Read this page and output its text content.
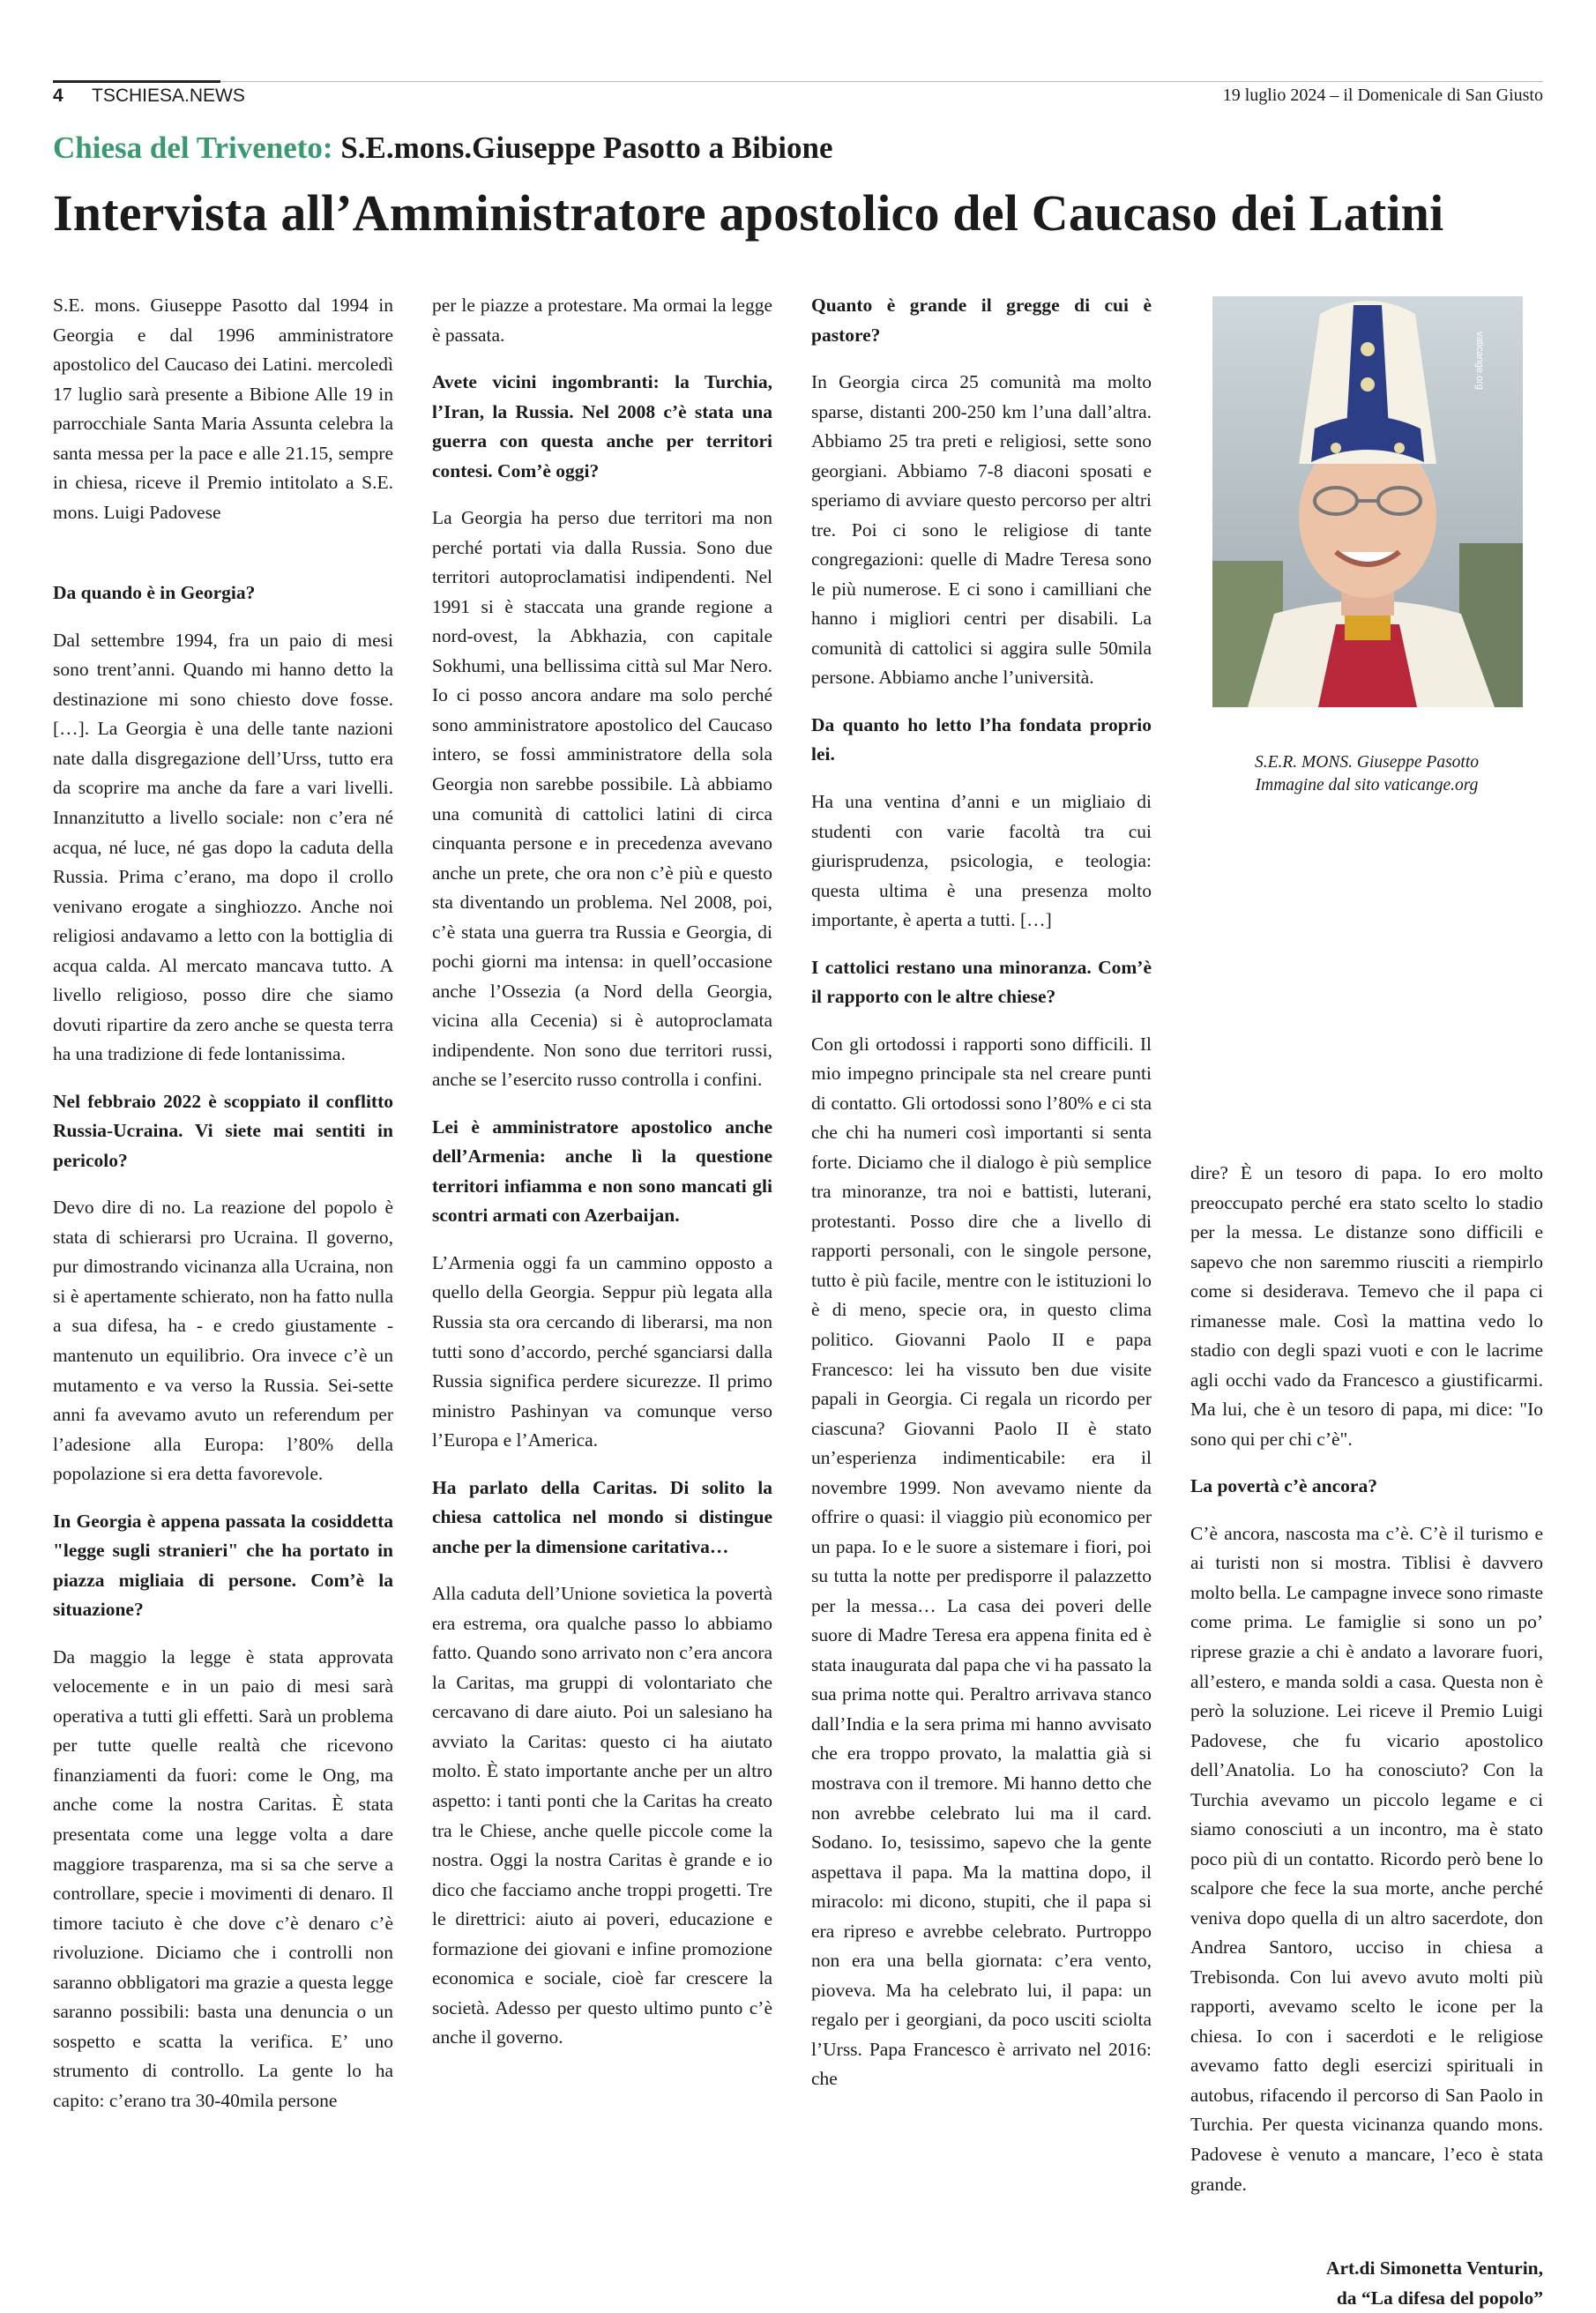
4 TSCHIESA.NEWS	19 luglio 2024 – il Domenicale di San Giusto
Chiesa del Triveneto: S.E.mons.Giuseppe Pasotto a Bibione
Intervista all’Amministratore apostolico del Caucaso dei Latini

S.E. mons. Giuseppe Pasotto dal 1994 in Georgia e dal 1996 amministratore apostolico del Caucaso dei Latini. mercoledì 17 luglio sarà presente a Bibione Alle 19 in parrocchiale Santa Maria Assunta celebra la santa messa per la pace e alle 21.15, sempre in chiesa, riceve il Premio intitolato a S.E. mons. Luigi Padovese

Da quando è in Georgia?

Dal settembre 1994, fra un paio di mesi sono trent’anni. Quando mi hanno detto la destinazione mi sono chiesto dove fosse. […]. La Georgia è una delle tante nazioni nate dalla disgregazione dell’Urss, tutto era da scoprire ma anche da fare a vari livelli. Innanzitutto a livello sociale: non c’era né acqua, né luce, né gas dopo la caduta della Russia. Prima c’erano, ma dopo il crollo venivano erogate a singhiozzo. Anche noi religiosi andavamo a letto con la bottiglia di acqua calda. Al mercato mancava tutto. A livello religioso, posso dire che siamo dovuti ripartire da zero anche se questa terra ha una tradizione di fede lontanissima.

Nel febbraio 2022 è scoppiato il conflitto Russia-Ucraina. Vi siete mai sentiti in pericolo?

Devo dire di no. La reazione del popolo è stata di schierarsi pro Ucraina. Il governo, pur dimostrando vicinanza alla Ucraina, non si è apertamente schierato, non ha fatto nulla a sua difesa, ha - e credo giustamente - mantenuto un equilibrio. Ora invece c’è un mutamento e va verso la Russia. Sei-sette anni fa avevamo avuto un referendum per l’adesione alla Europa: l’80% della popolazione si era detta favorevole.

In Georgia è appena passata la cosiddetta "legge sugli stranieri" che ha portato in piazza migliaia di persone. Com’è la situazione?

Da maggio la legge è stata approvata velocemente e in un paio di mesi sarà operativa a tutti gli effetti. Sarà un problema per tutte quelle realtà che ricevono finanziamenti da fuori: come le Ong, ma anche come la nostra Caritas. È stata presentata come una legge volta a dare maggiore trasparenza, ma si sa che serve a controllare, specie i movimenti di denaro. Il timore taciuto è che dove c’è denaro c’è rivoluzione. Diciamo che i controlli non saranno obbligatori ma grazie a questa legge saranno possibili: basta una denuncia o un sospetto e scatta la verifica. E’ uno strumento di controllo. La gente lo ha capito: c’erano tra 30-40mila persone

per le piazze a protestare. Ma ormai la legge è passata.

Avete vicini ingombranti: la Turchia, l’Iran, la Russia. Nel 2008 c’è stata una guerra con questa anche per territori contesi. Com’è oggi?

La Georgia ha perso due territori ma non perché portati via dalla Russia. Sono due territori autoproclamatisi indipendenti. Nel 1991 si è staccata una grande regione a nord-ovest, la Abkhazia, con capitale Sokhumi, una bellissima città sul Mar Nero. Io ci posso ancora andare ma solo perché sono amministratore apostolico del Caucaso intero, se fossi amministratore della sola Georgia non sarebbe possibile. Là abbiamo una comunità di cattolici latini di circa cinquanta persone e in precedenza avevano anche un prete, che ora non c’è più e questo sta diventando un problema. Nel 2008, poi, c’è stata una guerra tra Russia e Georgia, di pochi giorni ma intensa: in quell’occasione anche l’Ossezia (a Nord della Georgia, vicina alla Cecenia) si è autoproclamata indipendente. Non sono due territori russi, anche se l’esercito russo controlla i confini.

Lei è amministratore apostolico anche dell’Armenia: anche lì la questione territori infiamma e non sono mancati gli scontri armati con Azerbaijan.

L’Armenia oggi fa un cammino opposto a quello della Georgia. Seppur più legata alla Russia sta ora cercando di liberarsi, ma non tutti sono d’accordo, perché sganciarsi dalla Russia significa perdere sicurezze. Il primo ministro Pashinyan va comunque verso l’Europa e l’America.

Ha parlato della Caritas. Di solito la chiesa cattolica nel mondo si distingue anche per la dimensione caritativa…

Alla caduta dell’Unione sovietica la povertà era estrema, ora qualche passo lo abbiamo fatto. Quando sono arrivato non c’era ancora la Caritas, ma gruppi di volontariato che cercavano di dare aiuto. Poi un salesiano ha avviato la Caritas: questo ci ha aiutato molto. È stato importante anche per un altro aspetto: i tanti ponti che la Caritas ha creato tra le Chiese, anche quelle piccole come la nostra. Oggi la nostra Caritas è grande e io dico che facciamo anche troppi progetti. Tre le direttrici: aiuto ai poveri, educazione e formazione dei giovani e infine promozione economica e sociale, cioè far crescere la società. Adesso per questo ultimo punto c’è anche il governo.

Quanto è grande il gregge di cui è pastore?

In Georgia circa 25 comunità ma molto sparse, distanti 200-250 km l’una dall’altra. Abbiamo 25 tra preti e religiosi, sette sono georgiani. Abbiamo 7-8 diaconi sposati e speriamo di avviare questo percorso per altri tre. Poi ci sono le religiose di tante congregazioni: quelle di Madre Teresa sono le più numerose. E ci sono i camilliani che hanno i migliori centri per disabili. La comunità di cattolici si aggira sulle 50mila persone. Abbiamo anche l’università.

Da quanto ho letto l’ha fondata proprio lei.

Ha una ventina d’anni e un migliaio di studenti con varie facoltà tra cui giurisprudenza, psicologia, e teologia: questa ultima è una presenza molto importante, è aperta a tutti. […]

I cattolici restano una minoranza. Com’è il rapporto con le altre chiese?

Con gli ortodossi i rapporti sono difficili. Il mio impegno principale sta nel creare punti di contatto. Gli ortodossi sono l’80% e ci sta che chi ha numeri così importanti si senta forte. Diciamo che il dialogo è più semplice tra minoranze, tra noi e battisti, luterani, protestanti. Posso dire che a livello di rapporti personali, con le singole persone, tutto è più facile, mentre con le istituzioni lo è di meno, specie ora, in questo clima politico. Giovanni Paolo II e papa Francesco: lei ha vissuto ben due visite papali in Georgia. Ci regala un ricordo per ciascuna? Giovanni Paolo II è stato un’esperienza indimenticabile: era il novembre 1999. Non avevamo niente da offrire o quasi: il viaggio più economico per un papa. Io e le suore a sistemare i fiori, poi su tutta la notte per predisporre il palazzetto per la messa… La casa dei poveri delle suore di Madre Teresa era appena finita ed è stata inaugurata dal papa che vi ha passato la sua prima notte qui. Peraltro arrivava stanco dall’India e la sera prima mi hanno avvisato che era troppo provato, la malattia già si mostrava con il tremore. Mi hanno detto che non avrebbe celebrato lui ma il card. Sodano. Io, tesissimo, sapevo che la gente aspettava il papa. Ma la mattina dopo, il miracolo: mi dicono, stupiti, che il papa si era ripreso e avrebbe celebrato. Purtroppo non era una bella giornata: c’era vento, pioveva. Ma ha celebrato lui, il papa: un regalo per i georgiani, da poco usciti sciolta l’Urss. Papa Francesco è arrivato nel 2016: che

vaticange.org
S.E.R. MONS. Giuseppe Pasotto
Immagine dal sito vaticange.org

dire? È un tesoro di papa. Io ero molto preoccupato perché era stato scelto lo stadio per la messa. Le distanze sono difficili e sapevo che non saremmo riusciti a riempirlo come si desiderava. Temevo che il papa ci rimanesse male. Così la mattina vedo lo stadio con degli spazi vuoti e con le lacrime agli occhi vado da Francesco a giustificarmi. Ma lui, che è un tesoro di papa, mi dice: "Io sono qui per chi c’è".

La povertà c’è ancora?

C’è ancora, nascosta ma c’è. C’è il turismo e ai turisti non si mostra. Tiblisi è davvero molto bella. Le campagne invece sono rimaste come prima. Le famiglie si sono un po’ riprese grazie a chi è andato a lavorare fuori, all’estero, e manda soldi a casa. Questa non è però la soluzione. Lei riceve il Premio Luigi Padovese, che fu vicario apostolico dell’Anatolia. Lo ha conosciuto? Con la Turchia avevamo un piccolo legame e ci siamo conosciuti a un incontro, ma è stato poco più di un contatto. Ricordo però bene lo scalpore che fece la sua morte, anche perché veniva dopo quella di un altro sacerdote, don Andrea Santoro, ucciso in chiesa a Trebisonda. Con lui avevo avuto molti più rapporti, avevamo scelto le icone per la chiesa. Io con i sacerdoti e le religiose avevamo fatto degli esercizi spirituali in autobus, rifacendo il percorso di San Paolo in Turchia. Per questa vicinanza quando mons. Padovese è venuto a mancare, l’eco è stata grande.

Art.di Simonetta Venturin,
da “La difesa del popolo”
